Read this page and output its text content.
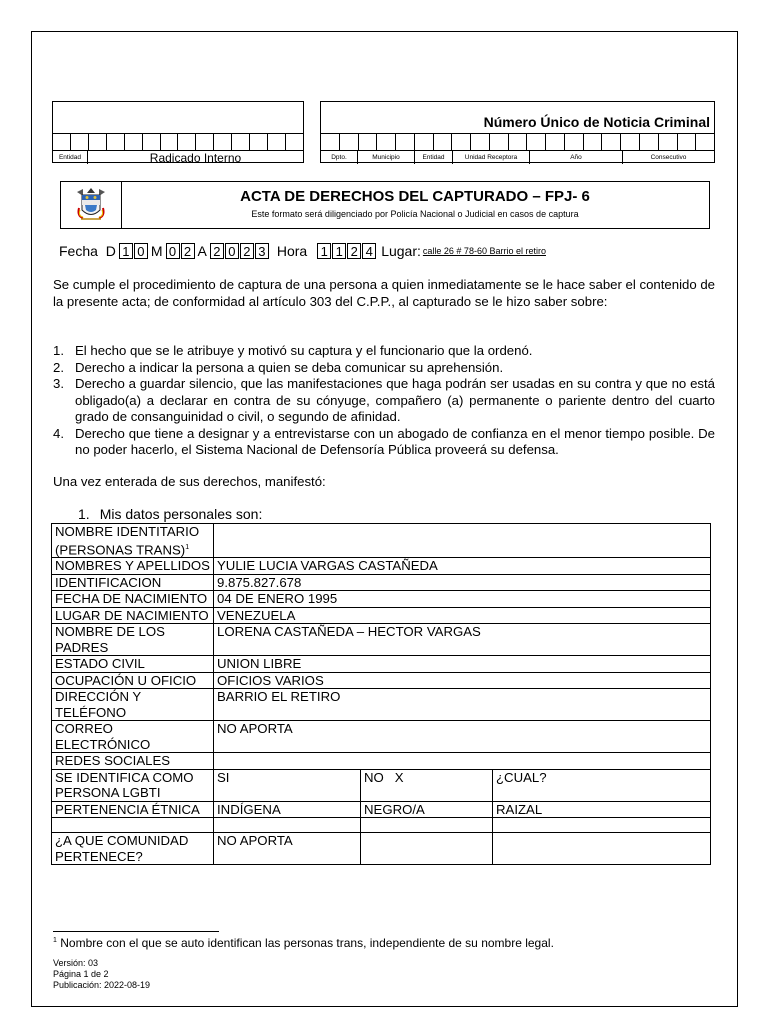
Entidad	Radicado Interno
Número Único de Noticia Criminal
Dpto.	Municipio	Entidad	Unidad Receptora	Año	Consecutivo
ACTA DE DERECHOS DEL CAPTURADO – FPJ- 6
Este formato será diligenciado por Policía Nacional o Judicial en casos de captura
Fecha
D 1 0 M 0 2 A 2 0 2 3 Hora 1 1 2 4 Lugar: calle 26 # 78-60 Barrio el retiro
Se cumple el procedimiento de captura de una persona a quien inmediatamente se le hace saber el contenido de la presente acta; de conformidad al artículo 303 del C.P.P., al capturado se le hizo saber sobre:
1. El hecho que se le atribuye y motivó su captura y el funcionario que la ordenó.
2. Derecho a indicar la persona a quien se deba comunicar su aprehensión.
3. Derecho a guardar silencio, que las manifestaciones que haga podrán ser usadas en su contra y que no está obligado(a) a declarar en contra de su cónyuge, compañero (a) permanente o pariente dentro del cuarto grado de consanguinidad o civil, o segundo de afinidad.
4. Derecho que tiene a designar y a entrevistarse con un abogado de confianza en el menor tiempo posible. De no poder hacerlo, el Sistema Nacional de Defensoría Pública proveerá su defensa.
Una vez enterada de sus derechos, manifestó:
1. Mis datos personales son:
NOMBRE IDENTITARIO (PERSONAS TRANS)$^1$	
NOMBRES Y APELLIDOS	YULIE LUCIA VARGAS CASTAÑEDA		
IDENTIFICACION	9.875.827.678		
FECHA DE NACIMIENTO	04 DE ENERO 1995		
LUGAR DE NACIMIENTO	VENEZUELA		
NOMBRE DE LOS PADRES	LORENA CASTAÑEDA – HECTOR VARGAS		
ESTADO CIVIL	UNION LIBRE		
OCUPACIÓN U OFICIO	OFICIOS VARIOS		
DIRECCIÓN Y TELÉFONO	BARRIO EL RETIRO		
CORREO ELECTRÓNICO	NO APORTA		
REDES SOCIALES			
SE IDENTIFICA COMO PERSONA LGBTI	SI	NO   X	¿CUAL?
PERTENENCIA ÉTNICA	INDÍGENA	NEGRO/A	RAIZAL

¿A QUE COMUNIDAD PERTENECE?	NO APORTA		
$^1$ Nombre con el que se auto identifican las personas trans, independiente de su nombre legal.
Versión: 03
Página 1 de 2
Publicación: 2022-08-19
